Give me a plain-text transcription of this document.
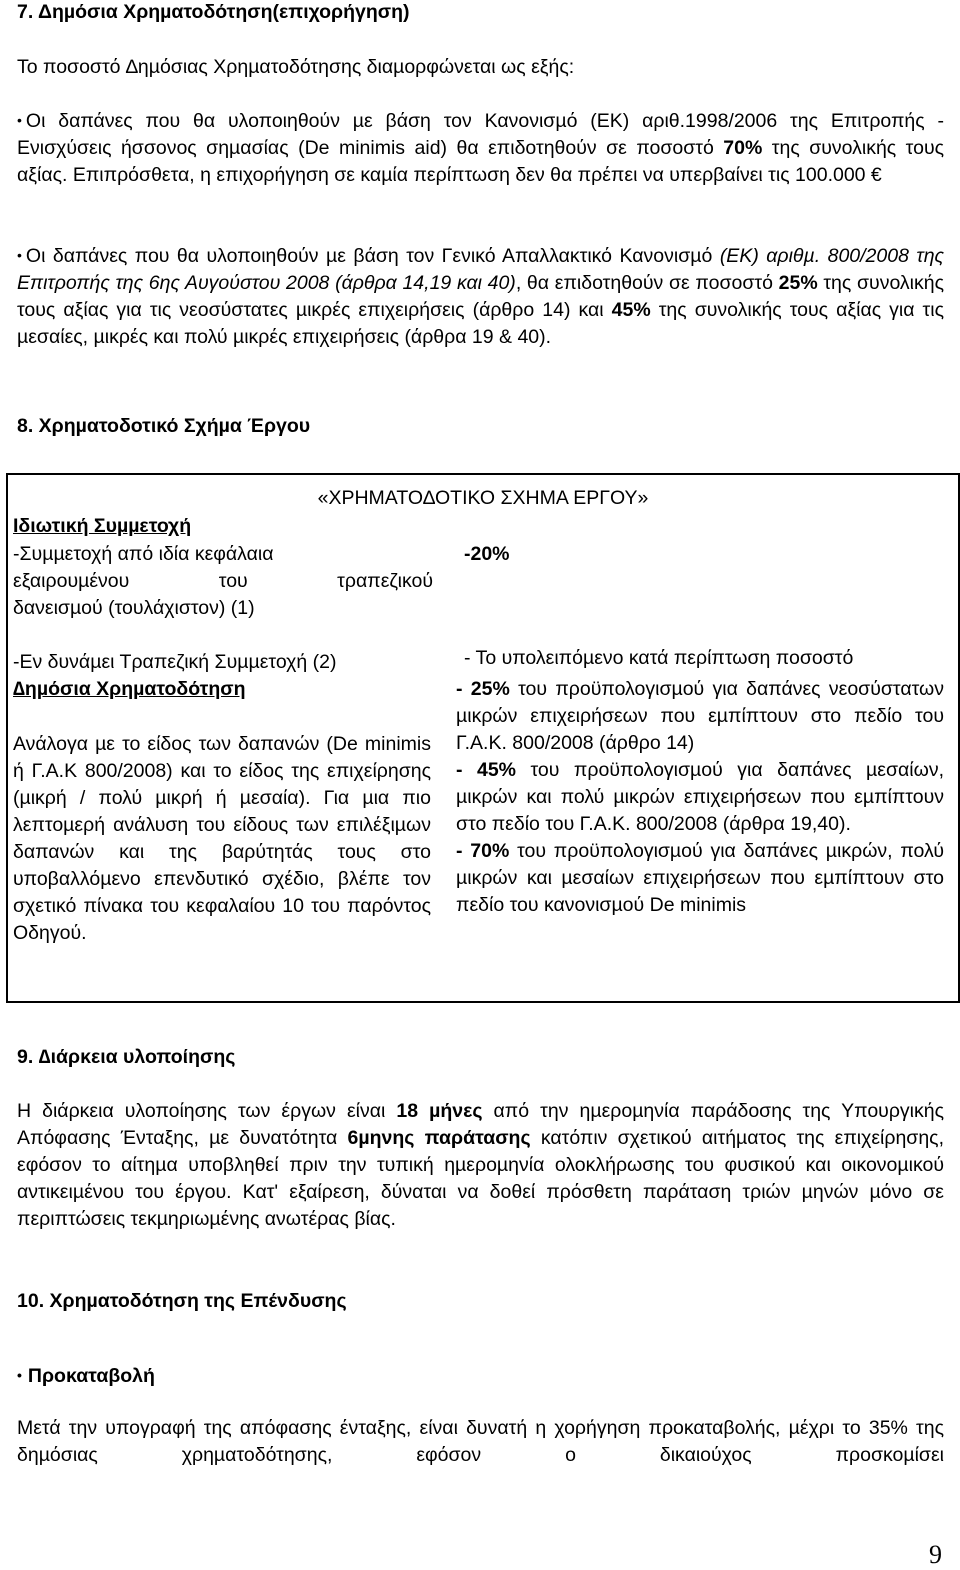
7. Δηµόσια Χρηµατοδότηση(επιχορήγηση)

Το ποσοστό ∆ηµόσιας Χρηµατοδότησης διαµορφώνεται ως εξής:

• Οι δαπάνες που θα υλοποιηθούν µε βάση τον Κανονισµό (ΕΚ) αριθ.1998/2006 της Επιτροπής - Ενισχύσεις ήσσονος σηµασίας (De minimis aid) θα επιδοτηθούν σε ποσοστό 70% της συνολικής τους αξίας. Επιπρόσθετα, η επιχορήγηση σε καµία περίπτωση δεν θα πρέπει να υπερβαίνει τις 100.000 €

• Οι δαπάνες που θα υλοποιηθούν µε βάση τον Γενικό Απαλλακτικό Κανονισµό (ΕΚ) αριθµ. 800/2008 της Επιτροπής της 6ης Αυγούστου 2008 (άρθρα 14,19 και 40), θα επιδοτηθούν σε ποσοστό 25% της συνολικής τους αξίας για τις νεοσύστατες µικρές επιχειρήσεις (άρθρο 14) και 45% της συνολικής τους αξίας για τις µεσαίες, µικρές και πολύ µικρές επιχειρήσεις (άρθρα 19 & 40).

8. Χρηµατοδοτικό Σχήµα Έργου

«ΧΡΗΜΑΤΟ∆ΟΤΙΚΟ ΣΧΗΜΑ ΕΡΓΟΥ»
Ιδιωτική Συµµετοχή
-Συµµετοχή από ιδία κεφάλαια
εξαιρουµένου του τραπεζικού
δανεισµού (τουλάχιστον) (1)
-20%
-Εν δυνάµει Τραπεζική Συµµετοχή (2)	- Το υπολειπόµενο κατά περίπτωση ποσοστό
∆ηµόσια Χρηµατοδότηση
Ανάλογα µε το είδος των δαπανών (De minimis ή Γ.Α.Κ 800/2008) και το είδος της επιχείρησης (µικρή / πολύ µικρή ή µεσαία). Για µια πιο λεπτοµερή ανάλυση του είδους των επιλέξιµων δαπανών και της βαρύτητάς τους στο υποβαλλόµενο επενδυτικό σχέδιο, βλέπε τον σχετικό πίνακα του κεφαλαίου 10 του παρόντος Οδηγού.
- 25% του προϋπολογισµού για δαπάνες νεοσύστατων µικρών επιχειρήσεων που εµπίπτουν στο πεδίο του Γ.Α.Κ. 800/2008 (άρθρο 14)
- 45% του προϋπολογισµού για δαπάνες µεσαίων, µικρών και πολύ µικρών επιχειρήσεων που εµπίπτουν στο πεδίο του Γ.Α.Κ. 800/2008 (άρθρα 19,40).
- 70% του προϋπολογισµού για δαπάνες µικρών, πολύ µικρών και µεσαίων επιχειρήσεων που εµπίπτουν στο πεδίο του κανονισµού De minimis

9. ∆ιάρκεια υλοποίησης

Η διάρκεια υλοποίησης των έργων είναι 18 µήνες από την ηµεροµηνία παράδοσης της Υπουργικής Απόφασης Ένταξης, µε δυνατότητα 6µηνης παράτασης κατόπιν σχετικού αιτήµατος της επιχείρησης, εφόσον το αίτηµα υποβληθεί πριν την τυπική ηµεροµηνία ολοκλήρωσης του φυσικού και οικονοµικού αντικειµένου του έργου. Κατ' εξαίρεση, δύναται να δοθεί πρόσθετη παράταση τριών µηνών µόνο σε περιπτώσεις τεκµηριωµένης ανωτέρας βίας.

10. Χρηµατοδότηση της Επένδυσης

• Προκαταβολή

Μετά την υπογραφή της απόφασης ένταξης, είναι δυνατή η χορήγηση προκαταβολής, µέχρι το 35% της δηµόσιας χρηµατοδότησης, εφόσον ο δικαιούχος προσκοµίσει

9
